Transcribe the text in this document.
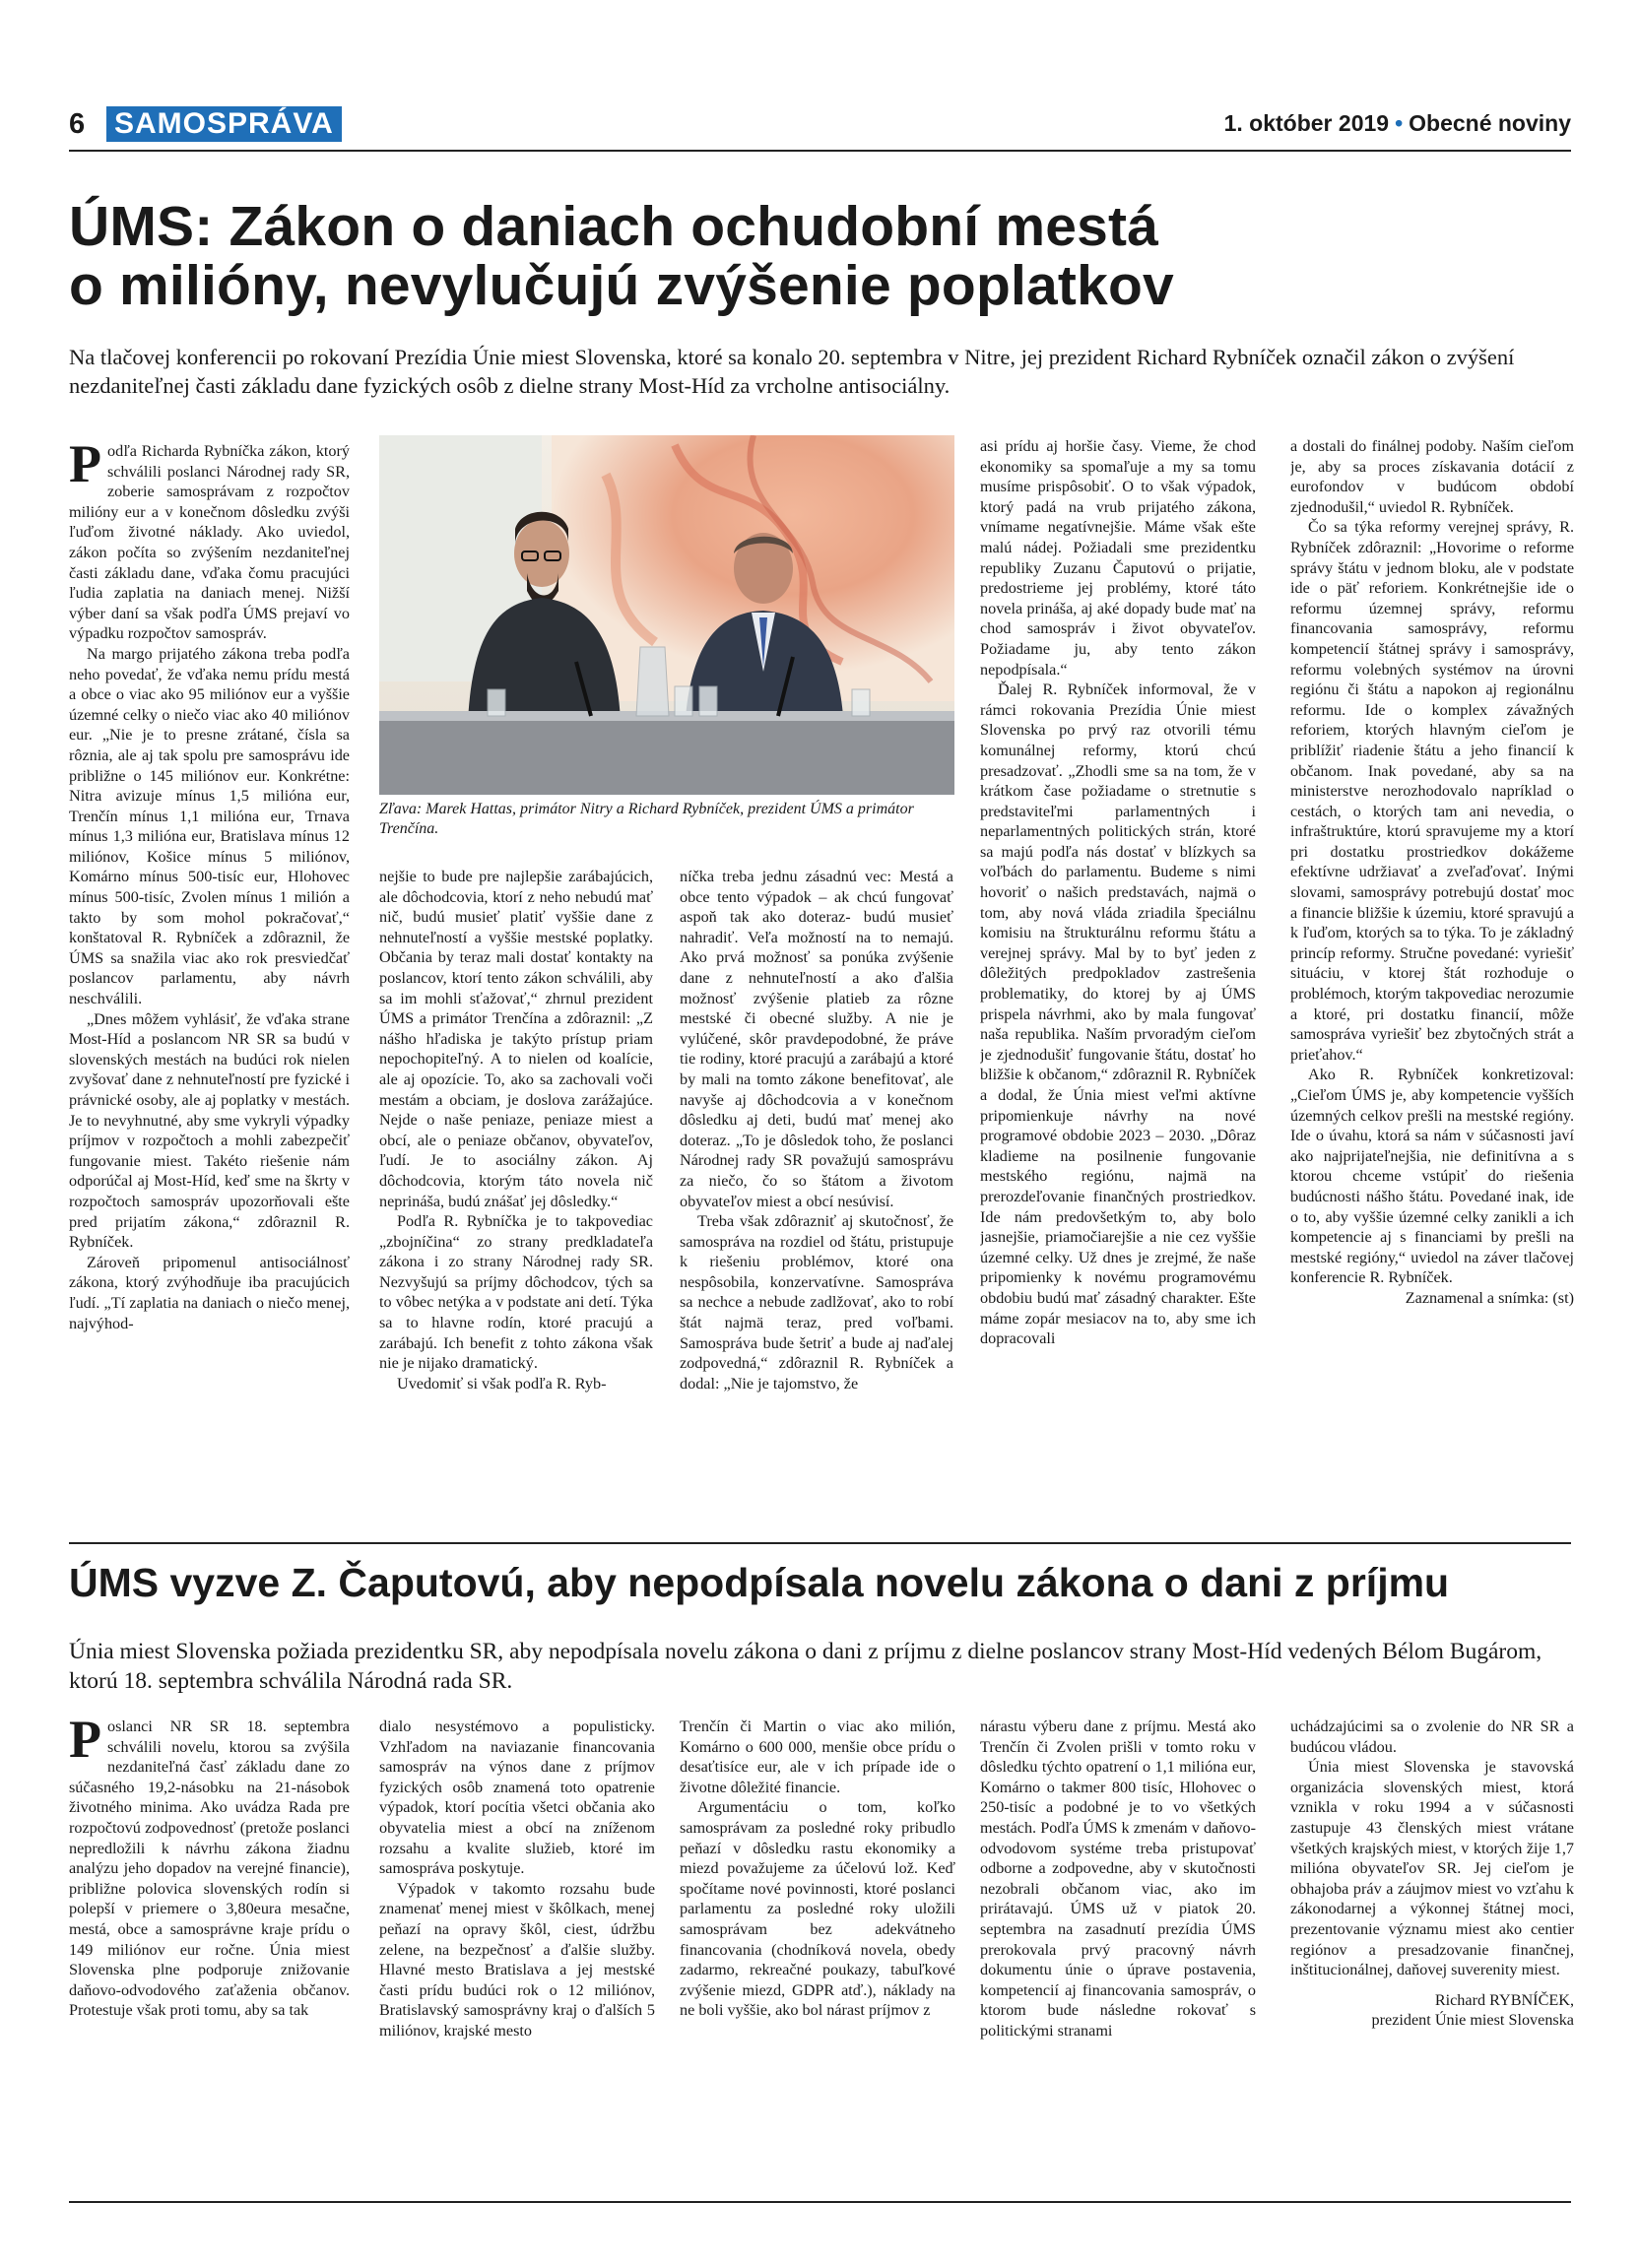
6 SAMOSPRÁVA	1. október 2019 • Obecné noviny
ÚMS: Zákon o daniach ochudobní mestá
o milióny, nevylučujú zvýšenie poplatkov
Na tlačovej konferencii po rokovaní Prezídia Únie miest Slovenska, ktoré sa konalo 20. septembra v Nitre, jej prezident Richard Rybníček označil zákon o zvýšení nezdaniteľnej časti základu dane fyzických osôb z dielne strany Most-Híd za vrcholne antisociálny.

Podľa Richarda Rybníčka zákon, ktorý schválili poslanci Národnej rady SR, zoberie samosprávam z rozpočtov milióny eur a v konečnom dôsledku zvýši ľuďom životné náklady. Ako uviedol, zákon počíta so zvýšením nezdaniteľnej časti základu dane, vďaka čomu pracujúci ľudia zaplatia na daniach menej. Nižší výber daní sa však podľa ÚMS prejaví vo výpadku rozpočtov samospráv.

Na margo prijatého zákona treba podľa neho povedať, že vďaka nemu prídu mestá a obce o viac ako 95 miliónov eur a vyššie územné celky o niečo viac ako 40 miliónov eur. „Nie je to presne zrátané, čísla sa rôznia, ale aj tak spolu pre samosprávu ide približne o 145 miliónov eur. Konkrétne: Nitra avizuje mínus 1,5 milióna eur, Trenčín mínus 1,1 milióna eur, Trnava mínus 1,3 milióna eur, Bratislava mínus 12 miliónov, Košice mínus 5 miliónov, Komárno mínus 500-tisíc eur, Hlohovec mínus 500-tisíc, Zvolen mínus 1 milión a takto by som mohol pokračovať,“ konštatoval R. Rybníček a zdôraznil, že ÚMS sa snažila viac ako rok presviedčať poslancov parlamentu, aby návrh neschválili.

„Dnes môžem vyhlásiť, že vďaka strane Most-Híd a poslancom NR SR sa budú v slovenských mestách na budúci rok nielen zvyšovať dane z nehnuteľností pre fyzické i právnické osoby, ale aj poplatky v mestách. Je to nevyhnutné, aby sme vykryli výpadky príjmov v rozpočtoch a mohli zabezpečiť fungovanie miest. Takéto riešenie nám odporúčal aj Most-Híd, keď sme na škrty v rozpočtoch samospráv upozorňovali ešte pred prijatím zákona,“ zdôraznil R. Rybníček.

Zároveň pripomenul antisociálnosť zákona, ktorý zvýhodňuje iba pracujúcich ľudí. „Tí zaplatia na daniach o niečo menej, najvýhod-

Zľava: Marek Hattas, primátor Nitry a Richard Rybníček, prezident ÚMS a primátor Trenčína.

nejšie to bude pre najlepšie zarábajúcich, ale dôchodcovia, ktorí z neho nebudú mať nič, budú musieť platiť vyššie dane z nehnuteľností a vyššie mestské poplatky. Občania by teraz mali dostať kontakty na poslancov, ktorí tento zákon schválili, aby sa im mohli sťažovať,“ zhrnul prezident ÚMS a primátor Trenčína a zdôraznil: „Z nášho hľadiska je takýto prístup priam nepochopiteľný. A to nielen od koalície, ale aj opozície. To, ako sa zachovali voči mestám a obciam, je doslova zarážajúce. Nejde o naše peniaze, peniaze miest a obcí, ale o peniaze občanov, obyvateľov, ľudí. Je to asociálny zákon. Aj dôchodcovia, ktorým táto novela nič neprináša, budú znášať jej dôsledky.“

Podľa R. Rybníčka je to takpovediac „zbojníčina“ zo strany predkladateľa zákona i zo strany Národnej rady SR. Nezvyšujú sa príjmy dôchodcov, tých sa to vôbec netýka a v podstate ani detí. Týka sa to hlavne rodín, ktoré pracujú a zarábajú. Ich benefit z tohto zákona však nie je nijako dramatický.

Uvedomiť si však podľa R. Ryb-

níčka treba jednu zásadnú vec: Mestá a obce tento výpadok – ak chcú fungovať aspoň tak ako doteraz- budú musieť nahradiť. Veľa možností na to nemajú. Ako prvá možnosť sa ponúka zvýšenie dane z nehnuteľností a ako ďalšia možnosť zvýšenie platieb za rôzne mestské či obecné služby. A nie je vylúčené, skôr pravdepodobné, že práve tie rodiny, ktoré pracujú a zarábajú a ktoré by mali na tomto zákone benefitovať, ale navyše aj dôchodcovia a v konečnom dôsledku aj deti, budú mať menej ako doteraz. „To je dôsledok toho, že poslanci Národnej rady SR považujú samosprávu za niečo, čo so štátom a životom obyvateľov miest a obcí nesúvisí.

Treba však zdôrazniť aj skutočnosť, že samospráva na rozdiel od štátu, pristupuje k riešeniu problémov, ktoré ona nespôsobila, konzervatívne. Samospráva sa nechce a nebude zadlžovať, ako to robí štát najmä teraz, pred voľbami. Samospráva bude šetriť a bude aj naďalej zodpovedná,“ zdôraznil R. Rybníček a dodal: „Nie je tajomstvo, že

asi prídu aj horšie časy. Vieme, že chod ekonomiky sa spomaľuje a my sa tomu musíme prispôsobiť. O to však výpadok, ktorý padá na vrub prijatého zákona, vnímame negatívnejšie. Máme však ešte malú nádej. Požiadali sme prezidentku republiky Zuzanu Čaputovú o prijatie, predostrieme jej problémy, ktoré táto novela prináša, aj aké dopady bude mať na chod samospráv i život obyvateľov. Požiadame ju, aby tento zákon nepodpísala.“

Ďalej R. Rybníček informoval, že v rámci rokovania Prezídia Únie miest Slovenska po prvý raz otvorili tému komunálnej reformy, ktorú chcú presadzovať. „Zhodli sme sa na tom, že v krátkom čase požiadame o stretnutie s predstaviteľmi parlamentných i neparlamentných politických strán, ktoré sa majú podľa nás dostať v blízkych sa voľbách do parlamentu. Budeme s nimi hovoriť o našich predstavách, najmä o tom, aby nová vláda zriadila špeciálnu komisiu na štrukturálnu reformu štátu a verejnej správy. Mal by to byť jeden z dôležitých predpokladov zastrešenia problematiky, do ktorej by aj ÚMS prispela návrhmi, ako by mala fungovať naša republika. Naším prvoradým cieľom je zjednodušiť fungovanie štátu, dostať ho bližšie k občanom,“ zdôraznil R. Rybníček a dodal, že Únia miest veľmi aktívne pripomienkuje návrhy na nové programové obdobie 2023 – 2030. „Dôraz kladieme na posilnenie fungovanie mestského regiónu, najmä na prerozdeľovanie finančných prostriedkov. Ide nám predovšetkým to, aby bolo jasnejšie, priamočiarejšie a nie cez vyššie územné celky. Už dnes je zrejmé, že naše pripomienky k novému programovému obdobiu budú mať zásadný charakter. Ešte máme zopár mesiacov na to, aby sme ich dopracovali

a dostali do finálnej podoby. Naším cieľom je, aby sa proces získavania dotácií z eurofondov v budúcom období zjednodušil,“ uviedol R. Rybníček.

Čo sa týka reformy verejnej správy, R. Rybníček zdôraznil: „Hovorime o reforme správy štátu v jednom bloku, ale v podstate ide o päť reforiem. Konkrétnejšie ide o reformu územnej správy, reformu financovania samosprávy, reformu kompetencií štátnej správy i samosprávy, reformu volebných systémov na úrovni regiónu či štátu a napokon aj regionálnu reformu. Ide o komplex závažných reforiem, ktorých hlavným cieľom je priblížiť riadenie štátu a jeho financií k občanom. Inak povedané, aby sa na ministerstve nerozhodovalo napríklad o cestách, o ktorých tam ani nevedia, o infraštruktúre, ktorú spravujeme my a ktorí pri dostatku prostriedkov dokážeme efektívne udržiavať a zveľaďovať. Inými slovami, samosprávy potrebujú dostať moc a financie bližšie k územiu, ktoré spravujú a k ľuďom, ktorých sa to týka. To je základný princíp reformy. Stručne povedané: vyriešiť situáciu, v ktorej štát rozhoduje o problémoch, ktorým takpovediac nerozumie a ktoré, pri dostatku financií, môže samospráva vyriešiť bez zbytočných strát a prieťahov.“

Ako R. Rybníček konkretizoval: „Cieľom ÚMS je, aby kompetencie vyšších územných celkov prešli na mestské regióny. Ide o úvahu, ktorá sa nám v súčasnosti javí ako najprijateľnejšia, nie definitívna a s ktorou chceme vstúpiť do riešenia budúcnosti nášho štátu. Povedané inak, ide o to, aby vyššie územné celky zanikli a ich kompetencie aj s financiami by prešli na mestské regióny,“ uviedol na záver tlačovej konferencie R. Rybníček.

Zaznamenal a snímka: (st)

ÚMS vyzve Z. Čaputovú, aby nepodpísala novelu zákona o dani z príjmu
Únia miest Slovenska požiada prezidentku SR, aby nepodpísala novelu zákona o dani z príjmu z dielne poslancov strany Most-Híd vedených Bélom Bugárom, ktorú 18. septembra schválila Národná rada SR.

Poslanci NR SR 18. septembra schválili novelu, ktorou sa zvýšila nezdaniteľná časť základu dane zo súčasného 19,2-násobku na 21-násobok životného minima. Ako uvádza Rada pre rozpočtovú zodpovednosť (pretože poslanci nepredložili k návrhu zákona žiadnu analýzu jeho dopadov na verejné financie), približne polovica slovenských rodín si polepší v priemere o 3,80eura mesačne, mestá, obce a samosprávne kraje prídu o 149 miliónov eur ročne. Únia miest Slovenska plne podporuje znižovanie daňovo-odvodového zaťaženia občanov. Protestuje však proti tomu, aby sa tak

dialo nesystémovo a populisticky. Vzhľadom na naviazanie financovania samospráv na výnos dane z príjmov fyzických osôb znamená toto opatrenie výpadok, ktorí pocítia všetci občania ako obyvatelia miest a obcí na zníženom rozsahu a kvalite služieb, ktoré im samospráva poskytuje.

Výpadok v takomto rozsahu bude znamenať menej miest v škôlkach, menej peňazí na opravy škôl, ciest, údržbu zelene, na bezpečnosť a ďalšie služby. Hlavné mesto Bratislava a jej mestské časti prídu budúci rok o 12 miliónov, Bratislavský samosprávny kraj o ďalších 5 miliónov, krajské mesto

Trenčín či Martin o viac ako milión, Komárno o 600 000, menšie obce prídu o desaťtisíce eur, ale v ich prípade ide o životne dôležité financie.

Argumentáciu o tom, koľko samosprávam za posledné roky pribudlo peňazí v dôsledku rastu ekonomiky a miezd považujeme za účelovú lož. Keď spočítame nové povinnosti, ktoré poslanci parlamentu za posledné roky uložili samosprávam bez adekvátneho financovania (chodníková novela, obedy zadarmo, rekreačné poukazy, tabuľkové zvýšenie miezd, GDPR atď.), náklady na ne boli vyššie, ako bol nárast príjmov z

nárastu výberu dane z príjmu. Mestá ako Trenčín či Zvolen prišli v tomto roku v dôsledku týchto opatrení o 1,1 milióna eur, Komárno o takmer 800 tisíc, Hlohovec o 250-tisíc a podobné je to vo všetkých mestách. Podľa ÚMS k zmenám v daňovo-odvodovom systéme treba pristupovať odborne a zodpovedne, aby v skutočnosti nezobrali občanom viac, ako im prirátavajú. ÚMS už v piatok 20. septembra na zasadnutí prezídia ÚMS prerokovala prvý pracovný návrh dokumentu únie o úprave postavenia, kompetencií aj financovania samospráv, o ktorom bude následne rokovať s politickými stranami

uchádzajúcimi sa o zvolenie do NR SR a budúcou vládou.

Únia miest Slovenska je stavovská organizácia slovenských miest, ktorá vznikla v roku 1994 a v súčasnosti zastupuje 43 členských miest vrátane všetkých krajských miest, v ktorých žije 1,7 milióna obyvateľov SR. Jej cieľom je obhajoba práv a záujmov miest vo vzťahu k zákonodarnej a výkonnej štátnej moci, prezentovanie významu miest ako centier regiónov a presadzovanie finančnej, inštitucionálnej, daňovej suverenity miest.

Richard RYBNÍČEK,

prezident Únie miest Slovenska
